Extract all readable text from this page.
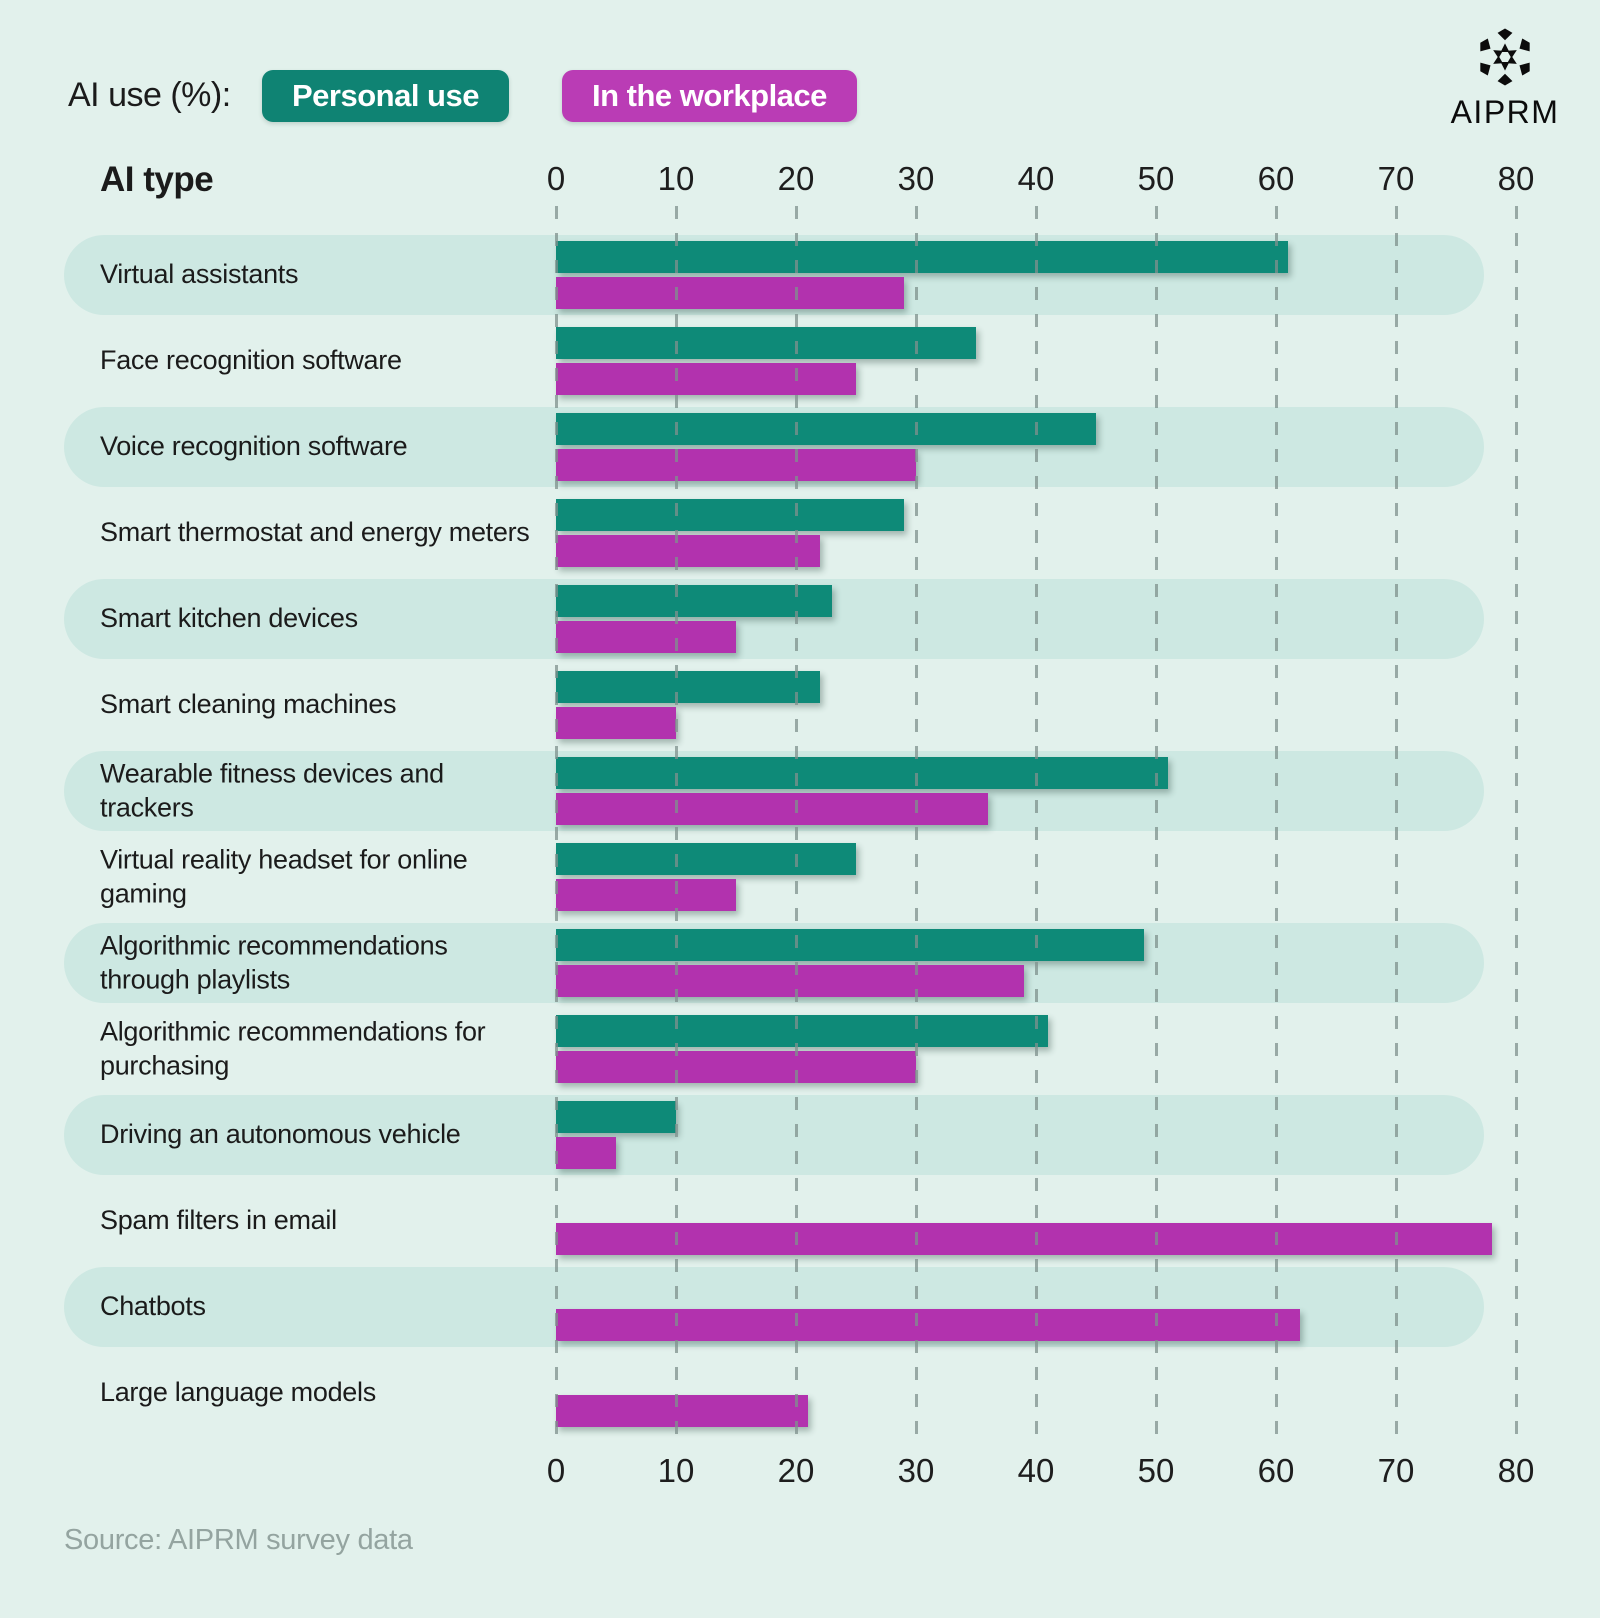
AI use (%): Personal use	In the workplace	AIPRM
AI type	0	10	20	30	40	50	60	70	80
Virtual assistants
Face recognition software
Voice recognition software
Smart thermostat and energy meters
Smart kitchen devices
Smart cleaning machines
Wearable fitness devices and trackers
Virtual reality headset for online gaming
Algorithmic recommendations through playlists
Algorithmic recommendations for purchasing
Driving an autonomous vehicle
Spam filters in email
Chatbots
Large language models
0	10	20	30	40	50	60	70	80
Source: AIPRM survey data
